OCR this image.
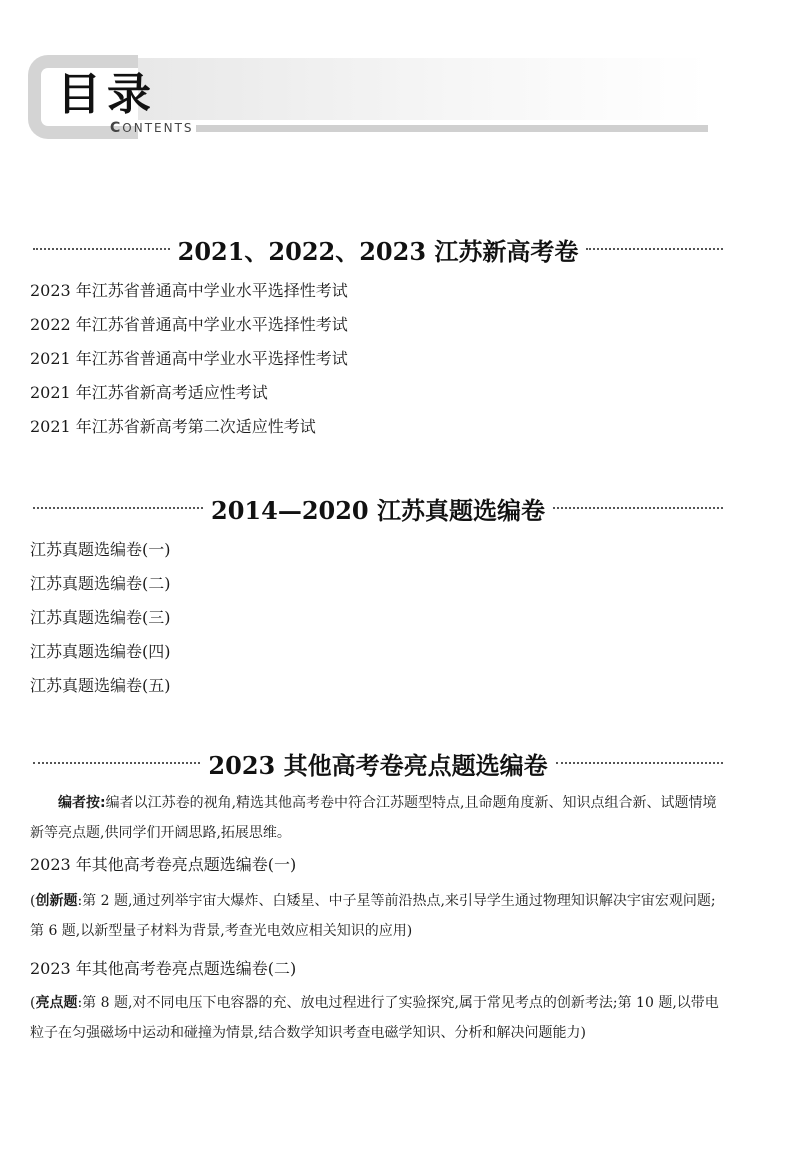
目录
CONTENTS
2021、2022、2023 江苏新高考卷
2023 年江苏省普通高中学业水平选择性考试
2022 年江苏省普通高中学业水平选择性考试
2021 年江苏省普通高中学业水平选择性考试
2021 年江苏省新高考适应性考试
2021 年江苏省新高考第二次适应性考试
2014—2020 江苏真题选编卷
江苏真题选编卷(一)
江苏真题选编卷(二)
江苏真题选编卷(三)
江苏真题选编卷(四)
江苏真题选编卷(五)
2023 其他高考卷亮点题选编卷
编者按:编者以江苏卷的视角,精选其他高考卷中符合江苏题型特点,且命题角度新、知识点组合新、试题情境新等亮点题,供同学们开阔思路,拓展思维。
2023 年其他高考卷亮点题选编卷(一)
(创新题:第 2 题,通过列举宇宙大爆炸、白矮星、中子星等前沿热点,来引导学生通过物理知识解决宇宙宏观问题;第 6 题,以新型量子材料为背景,考查光电效应相关知识的应用)
2023 年其他高考卷亮点题选编卷(二)
(亮点题:第 8 题,对不同电压下电容器的充、放电过程进行了实验探究,属于常见考点的创新考法;第 10 题,以带电粒子在匀强磁场中运动和碰撞为情景,结合数学知识考查电磁学知识、分析和解决问题能力)
